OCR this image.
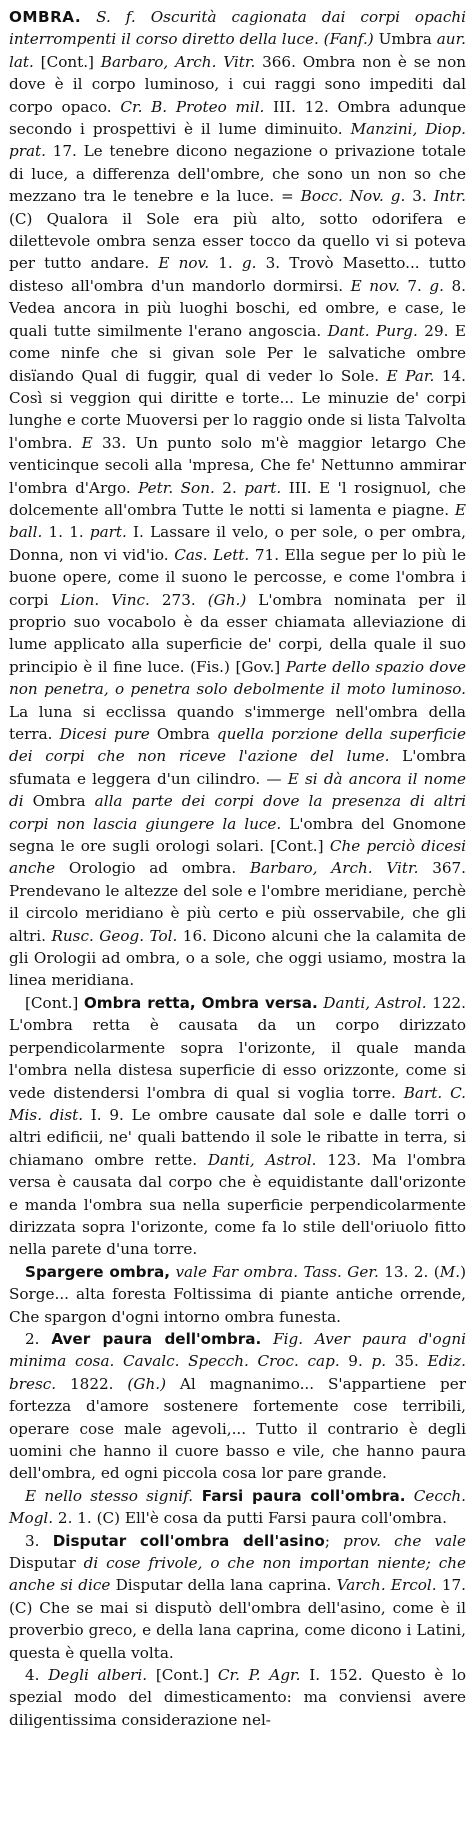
OMBRA. S. f. Oscurità cagionata dai corpi opachi interrompenti il corso diretto della luce. (Fanf.) Umbra aur. lat. [Cont.] Barbaro, Arch. Vitr. 366. Ombra non è se non dove è il corpo luminoso, i cui raggi sono impediti dal corpo opaco. Cr. B. Proteo mil. III. 12. Ombra adunque secondo i prospettivi è il lume diminuito. Manzini, Diop. prat. 17. Le tenebre dicono negazione o privazione totale di luce, a differenza dell'ombre, che sono un non so che mezzano tra le tenebre e la luce. = Bocc. Nov. g. 3. Intr. (C) Qualora il Sole era più alto, sotto odorifera e dilettevole ombra senza esser tocco da quello vi si poteva per tutto andare. E nov. 1. g. 3. Trovò Masetto... tutto disteso all'ombra d'un mandorlo dormirsi. E nov. 7. g. 8. Vedea ancora in più luoghi boschi, ed ombre, e case, le quali tutte similmente l'erano angoscia. Dant. Purg. 29. E come ninfe che si givan sole Per le salvatiche ombre disïando Qual di fuggir, qual di veder lo Sole. E Par. 14. Così si veggion qui diritte e torte... Le minuzie de' corpi lunghe e corte Muoversi per lo raggio onde si lista Talvolta l'ombra. E 33. Un punto solo m'è maggior letargo Che venticinque secoli alla 'mpresa, Che fe' Nettunno ammirar l'ombra d'Argo. Petr. Son. 2. part. III. E 'l rosignuol, che dolcemente all'ombra Tutte le notti si lamenta e piagne. E ball. 1. 1. part. I. Lassare il velo, o per sole, o per ombra, Donna, non vi vid'io. Cas. Lett. 71. Ella segue per lo più le buone opere, come il suono le percosse, e come l'ombra i corpi Lion. Vinc. 273. (Gh.) L'ombra nominata per il proprio suo vocabolo è da esser chiamata alleviazione di lume applicato alla superficie de' corpi, della quale il suo principio è il fine luce. (Fis.) [Gov.] Parte dello spazio dove non penetra, o penetra solo debolmente il moto luminoso. La luna si ecclissa quando s'immerge nell'ombra della terra. Dicesi pure Ombra quella porzione della superficie dei corpi che non riceve l'azione del lume. L'ombra sfumata e leggera d'un cilindro. — E si dà ancora il nome di Ombra alla parte dei corpi dove la presenza di altri corpi non lascia giungere la luce. L'ombra del Gnomone segna le ore sugli orologi solari. [Cont.] Che perciò dicesi anche Orologio ad ombra. Barbaro, Arch. Vitr. 367. Prendevano le altezze del sole e l'ombre meridiane, perchè il circolo meridiano è più certo e più osservabile, che gli altri. Rusc. Geog. Tol. 16. Dicono alcuni che la calamita de gli Orologii ad ombra, o a sole, che oggi usiamo, mostra la linea meridiana.

[Cont.] Ombra retta, Ombra versa. Danti, Astrol. 122. L'ombra retta è causata da un corpo dirizzato perpendicolarmente sopra l'orizonte, il quale manda l'ombra nella distesa superficie di esso orizzonte, come si vede distendersi l'ombra di qual si voglia torre. Bart. C. Mis. dist. I. 9. Le ombre causate dal sole e dalle torri o altri edificii, ne' quali battendo il sole le ribatte in terra, si chiamano ombre rette. Danti, Astrol. 123. Ma l'ombra versa è causata dal corpo che è equidistante dall'orizonte e manda l'ombra sua nella superficie perpendicolarmente dirizzata sopra l'orizonte, come fa lo stile dell'oriuolo fitto nella parete d'una torre.

Spargere ombra, vale Far ombra. Tass. Ger. 13. 2. (M.) Sorge... alta foresta Foltissima di piante antiche orrende, Che spargon d'ogni intorno ombra funesta.

2. Aver paura dell'ombra. Fig. Aver paura d'ogni minima cosa. Cavalc. Specch. Croc. cap. 9. p. 35. Ediz. bresc. 1822. (Gh.) Al magnanimo... S'appartiene per fortezza d'amore sostenere fortemente cose terribili, operare cose male agevoli,... Tutto il contrario è degli uomini che hanno il cuore basso e vile, che hanno paura dell'ombra, ed ogni piccola cosa lor pare grande.

E nello stesso signif. Farsi paura coll'ombra. Cecch. Mogl. 2. 1. (C) Ell'è cosa da putti Farsi paura coll'ombra.

3. Disputar coll'ombra dell'asino; prov. che vale Disputar di cose frivole, o che non importan niente; che anche si dice Disputar della lana caprina. Varch. Ercol. 17. (C) Che se mai si disputò dell'ombra dell'asino, come è il proverbio greco, e della lana caprina, come dicono i Latini, questa è quella volta.

4. Degli alberi. [Cont.] Cr. P. Agr. I. 152. Questo è lo spezial modo del dimesticamento: ma conviensi avere diligentissima considerazione nel-
